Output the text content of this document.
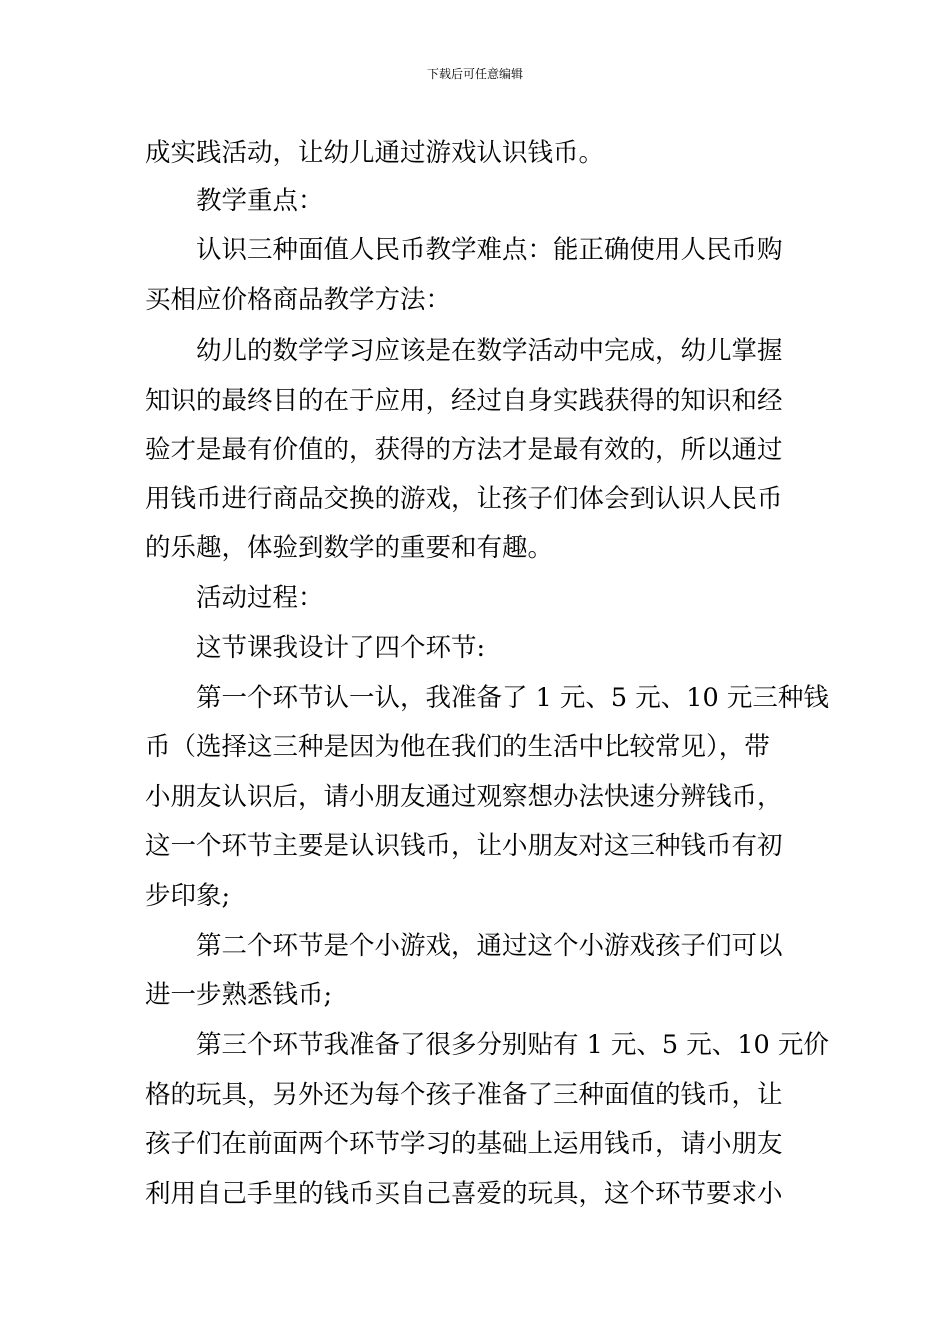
下载后可任意编辑
成实践活动，让幼儿通过游戏认识钱币。
教学重点：
认识三种面值人民币教学难点：能正确使用人民币购
买相应价格商品教学方法：
幼儿的数学学习应该是在数学活动中完成，幼儿掌握
知识的最终目的在于应用，经过自身实践获得的知识和经
验才是最有价值的，获得的方法才是最有效的，所以通过
用钱币进行商品交换的游戏，让孩子们体会到认识人民币
的乐趣，体验到数学的重要和有趣。
活动过程：
这节课我设计了四个环节:
第一个环节认一认，我准备了 1 元、5 元、10 元三种钱
币（选择这三种是因为他在我们的生活中比较常见），带
小朋友认识后，请小朋友通过观察想办法快速分辨钱币，
这一个环节主要是认识钱币，让小朋友对这三种钱币有初
步印象;
第二个环节是个小游戏，通过这个小游戏孩子们可以
进一步熟悉钱币;
第三个环节我准备了很多分别贴有 1 元、5 元、10 元价
格的玩具，另外还为每个孩子准备了三种面值的钱币，让
孩子们在前面两个环节学习的基础上运用钱币，请小朋友
利用自己手里的钱币买自己喜爱的玩具，这个环节要求小
